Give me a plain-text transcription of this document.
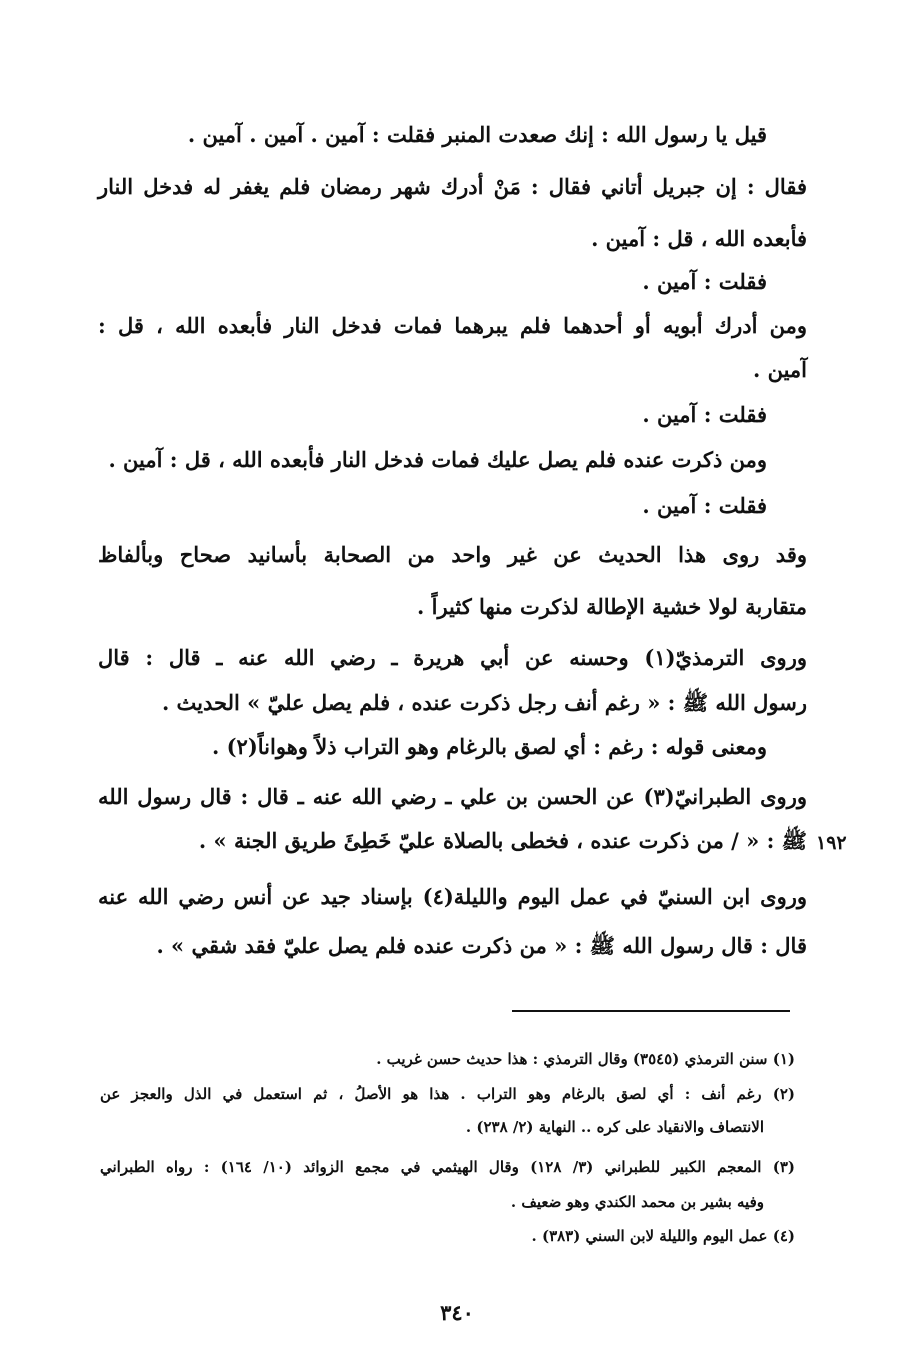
قيل يا رسول الله : إنك صعدت المنبر فقلت : آمين . آمين . آمين .
فقال : إن جبريل أتاني فقال : مَنْ أدرك شهر رمضان فلم يغفر له فدخل النار
فأبعده الله ، قل : آمين .
فقلت : آمين .
ومن أدرك أبويه أو أحدهما فلم يبرهما فمات فدخل النار فأبعده الله ، قل :
آمين .
فقلت : آمين .
ومن ذكرت عنده فلم يصل عليك فمات فدخل النار فأبعده الله ، قل : آمين .
فقلت : آمين .
وقد روى هذا الحديث عن غير واحد من الصحابة بأسانيد صحاح وبألفاظ
متقاربة لولا خشية الإطالة لذكرت منها كثيراً .
وروى الترمذيّ(١) وحسنه عن أبي هريرة ـ رضي الله عنه ـ قال : قال
رسول الله ﷺ : « رغم أنف رجل ذكرت عنده ، فلم يصل عليّ » الحديث .
ومعنى قوله : رغم : أي لصق بالرغام وهو التراب ذلاً وهواناً(٢) .
وروى الطبرانيّ(٣) عن الحسن بن علي ـ رضي الله عنه ـ قال : قال رسول الله
ﷺ : « / من ذكرت عنده ، فخطى بالصلاة عليّ خَطِئَ طريق الجنة » .
وروى ابن السنيّ في عمل اليوم والليلة(٤) بإسناد جيد عن أنس رضي الله عنه
قال : قال رسول الله ﷺ : « من ذكرت عنده فلم يصل عليّ فقد شقي » .
١٩٢
(١) سنن الترمذي (٣٥٤٥) وقال الترمذي : هذا حديث حسن غريب .
(٢) رغم أنف : أي لصق بالرغام وهو التراب . هذا هو الأصلُ ، ثم استعمل في الذل والعجز عن
الانتصاف والانقياد على كره .. النهاية (٢/ ٢٣٨) .
(٣) المعجم الكبير للطبراني (٣/ ١٢٨) وقال الهيثمي في مجمع الزوائد (١٠/ ١٦٤) : رواه الطبراني
وفيه بشير بن محمد الكندي وهو ضعيف .
(٤) عمل اليوم والليلة لابن السني (٣٨٣) .
٣٤٠
